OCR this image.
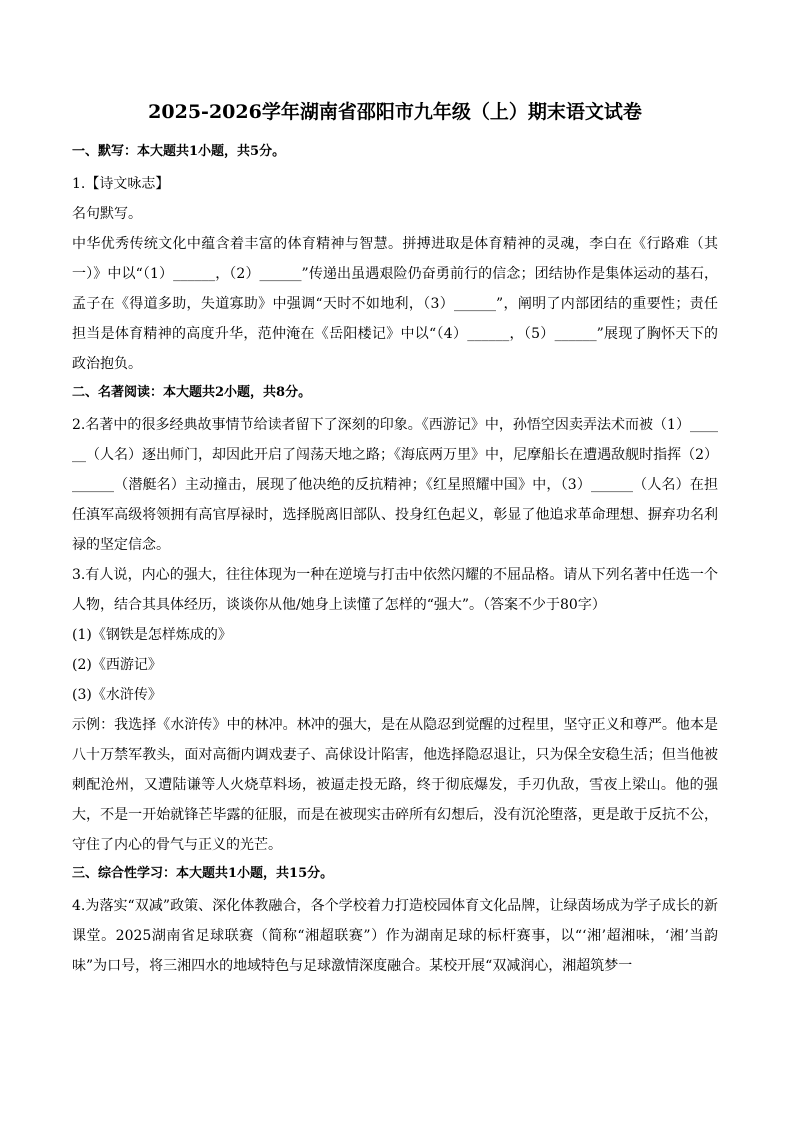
2025-2026学年湖南省邵阳市九年级（上）期末语文试卷
一、默写：本大题共1小题，共5分。
1.【诗文咏志】
名句默写。
中华优秀传统文化中蕴含着丰富的体育精神与智慧。拼搏进取是体育精神的灵魂，李白在《行路难（其一）》中以“（1）______，（2）______”传递出虽遇艰险仍奋勇前行的信念；团结协作是集体运动的基石，孟子在《得道多助，失道寡助》中强调“天时不如地利，（3）______”，阐明了内部团结的重要性；责任担当是体育精神的高度升华，范仲淹在《岳阳楼记》中以“（4）______，（5）______”展现了胸怀天下的政治抱负。
二、名著阅读：本大题共2小题，共8分。
2.名著中的很多经典故事情节给读者留下了深刻的印象。《西游记》中，孙悟空因卖弄法术而被（1）______（人名）逐出师门，却因此开启了闯荡天地之路；《海底两万里》中，尼摩船长在遭遇敌舰时指挥（2）______（潜艇名）主动撞击，展现了他决绝的反抗精神；《红星照耀中国》中，（3）______（人名）在担任滇军高级将领拥有高官厚禄时，选择脱离旧部队、投身红色起义，彰显了他追求革命理想、摒弃功名利禄的坚定信念。
3.有人说，内心的强大，往往体现为一种在逆境与打击中依然闪耀的不屈品格。请从下列名著中任选一个人物，结合其具体经历，谈谈你从他/她身上读懂了怎样的“强大”。（答案不少于80字）
(1)《钢铁是怎样炼成的》
(2)《西游记》
(3)《水浒传》
示例：我选择《水浒传》中的林冲。林冲的强大，是在从隐忍到觉醒的过程里，坚守正义和尊严。他本是八十万禁军教头，面对高衙内调戏妻子、高俅设计陷害，他选择隐忍退让，只为保全安稳生活；但当他被刺配沧州，又遭陆谦等人火烧草料场，被逼走投无路，终于彻底爆发，手刃仇敌，雪夜上梁山。他的强大，不是一开始就锋芒毕露的征服，而是在被现实击碎所有幻想后，没有沉沦堕落，更是敢于反抗不公，守住了内心的骨气与正义的光芒。
三、综合性学习：本大题共1小题，共15分。
4.为落实“双减”政策、深化体教融合，各个学校着力打造校园体育文化品牌，让绿茵场成为学子成长的新课堂。2025湖南省足球联赛（简称“湘超联赛”）作为湖南足球的标杆赛事，以“‘湘’超湘味，‘湘’当韵味”为口号，将三湘四水的地域特色与足球激情深度融合。某校开展“双减润心，湘超筑梦一
